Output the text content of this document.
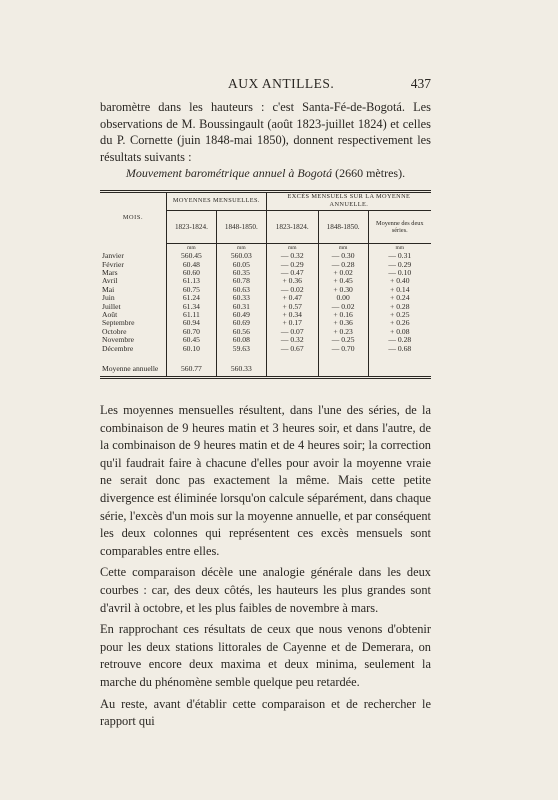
AUX ANTILLES.	437
baromètre dans les hauteurs : c'est Santa-Fé-de-Bogotá. Les observations de M. Boussingault (août 1823-juillet 1824) et celles du P. Cornette (juin 1848-mai 1850), donnent respectivement les résultats suivants :
Mouvement barométrique annuel à Bogotá (2660 mètres).
MOIS.	MOYENNES MENSUELLES.		EXCÈS MENSUELS SUR LA MOYENNE ANNUELLE.		
	1823-1824.	1848-1850.	1823-1824.	1848-1850.	Moyenne des deux séries.
	mm	mm	mm	mm	mm
Janvier	560.45	560.03	— 0.32	— 0.30	— 0.31
Février	60.48	60.05	— 0.29	— 0.28	— 0.29
Mars	60.60	60.35	— 0.47	+ 0.02	— 0.10
Avril	61.13	60.78	+ 0.36	+ 0.45	+ 0.40
Mai	60.75	60.63	— 0.02	+ 0.30	+ 0.14
Juin	61.24	60.33	+ 0.47	0.00	+ 0.24
Juillet	61.34	60.31	+ 0.57	— 0.02	+ 0.28
Août	61.11	60.49	+ 0.34	+ 0.16	+ 0.25
Septembre	60.94	60.69	+ 0.17	+ 0.36	+ 0.26
Octobre	60.70	60.56	— 0.07	+ 0.23	+ 0.08
Novembre	60.45	60.08	— 0.32	— 0.25	— 0.28
Décembre	60.10	59.63	— 0.67	— 0.70	— 0.68

Moyenne annuelle	560.77	560.33			

Les moyennes mensuelles résultent, dans l'une des séries, de la combinaison de 9 heures matin et 3 heures soir, et dans l'autre, de la combinaison de 9 heures matin et de 4 heures soir; la correction qu'il faudrait faire à chacune d'elles pour avoir la moyenne vraie ne serait donc pas exactement la même. Mais cette petite divergence est éliminée lorsqu'on calcule séparément, dans chaque série, l'excès d'un mois sur la moyenne annuelle, et par conséquent les deux colonnes qui représentent ces excès mensuels sont comparables entre elles.

Cette comparaison décèle une analogie générale dans les deux courbes : car, des deux côtés, les hauteurs les plus grandes sont d'avril à octobre, et les plus faibles de novembre à mars.

En rapprochant ces résultats de ceux que nous venons d'obtenir pour les deux stations littorales de Cayenne et de Demerara, on retrouve encore deux maxima et deux minima, seulement la marche du phénomène semble quelque peu retardée.

Au reste, avant d'établir cette comparaison et de rechercher le rapport qui
